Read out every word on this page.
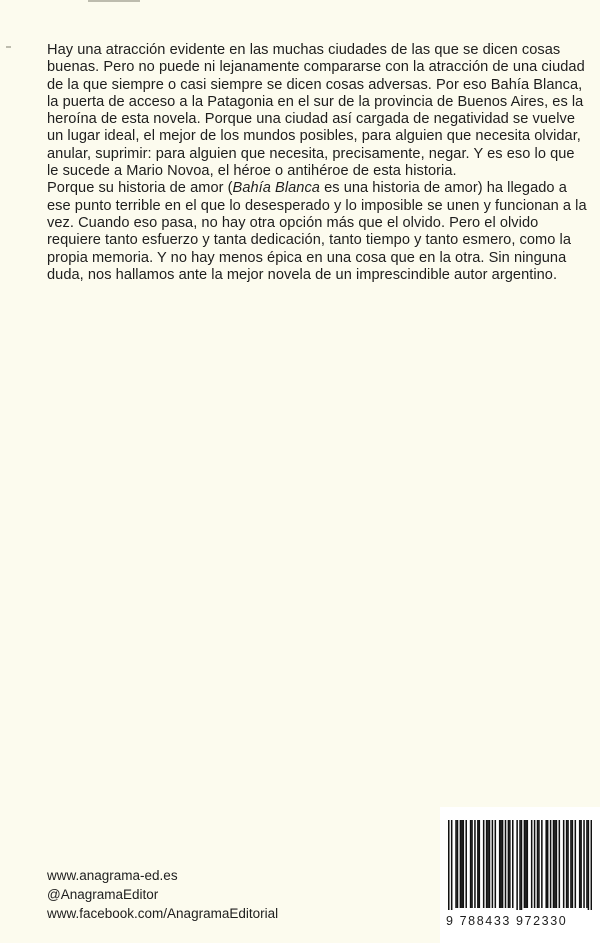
Hay una atracción evidente en las muchas ciudades de las que se dicen cosas buenas. Pero no puede ni lejanamente compararse con la atracción de una ciudad de la que siempre o casi siempre se dicen cosas adversas. Por eso Bahía Blanca, la puerta de acceso a la Patagonia en el sur de la provincia de Buenos Aires, es la heroína de esta novela. Porque una ciudad así cargada de negatividad se vuelve un lugar ideal, el mejor de los mundos posibles, para alguien que necesita olvidar, anular, suprimir: para alguien que necesita, precisamente, negar. Y es eso lo que le sucede a Mario Novoa, el héroe o antihéroe de esta historia.

Porque su historia de amor (Bahía Blanca es una historia de amor) ha llegado a ese punto terrible en el que lo desesperado y lo imposible se unen y funcionan a la vez. Cuando eso pasa, no hay otra opción más que el olvido. Pero el olvido requiere tanto esfuerzo y tanta dedicación, tanto tiempo y tanto esmero, como la propia memoria. Y no hay menos épica en una cosa que en la otra. Sin ninguna duda, nos hallamos ante la mejor novela de un imprescindible autor argentino.

www.anagrama-ed.es
@AnagramaEditor
www.facebook.com/AnagramaEditorial	9 788433 972330
